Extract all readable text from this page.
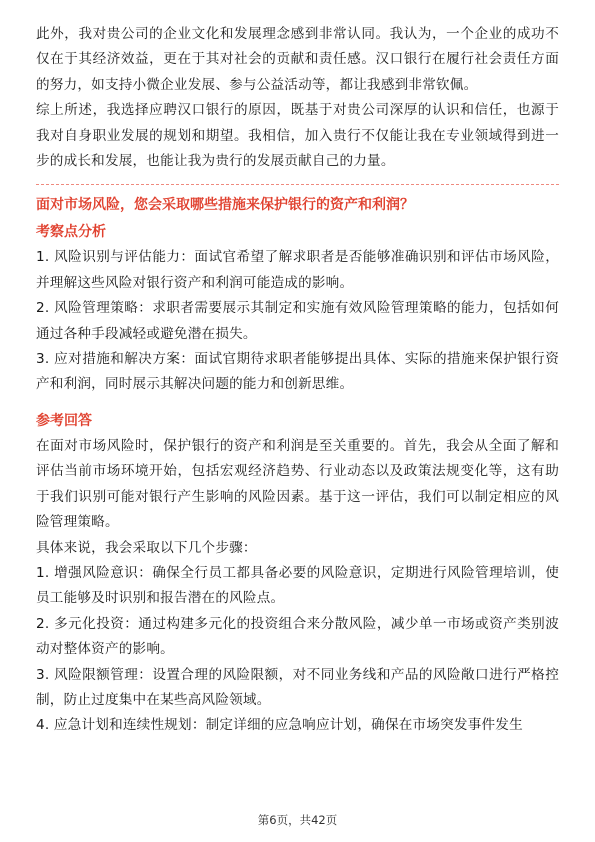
此外，我对贵公司的企业文化和发展理念感到非常认同。我认为，一个企业的成功不仅在于其经济效益，更在于其对社会的贡献和责任感。汉口银行在履行社会责任方面的努力，如支持小微企业发展、参与公益活动等，都让我感到非常钦佩。

综上所述，我选择应聘汉口银行的原因，既基于对贵公司深厚的认识和信任，也源于我对自身职业发展的规划和期望。我相信，加入贵行不仅能让我在专业领域得到进一步的成长和发展，也能让我为贵行的发展贡献自己的力量。

面对市场风险，您会采取哪些措施来保护银行的资产和利润？
考察点分析

1. 风险识别与评估能力：面试官希望了解求职者是否能够准确识别和评估市场风险，并理解这些风险对银行资产和利润可能造成的影响。

2. 风险管理策略：求职者需要展示其制定和实施有效风险管理策略的能力，包括如何通过各种手段减轻或避免潜在损失。

3. 应对措施和解决方案：面试官期待求职者能够提出具体、实际的措施来保护银行资产和利润，同时展示其解决问题的能力和创新思维。

参考回答

在面对市场风险时，保护银行的资产和利润是至关重要的。首先，我会从全面了解和评估当前市场环境开始，包括宏观经济趋势、行业动态以及政策法规变化等，这有助于我们识别可能对银行产生影响的风险因素。基于这一评估，我们可以制定相应的风险管理策略。

具体来说，我会采取以下几个步骤：

1. 增强风险意识：确保全行员工都具备必要的风险意识，定期进行风险管理培训，使员工能够及时识别和报告潜在的风险点。

2. 多元化投资：通过构建多元化的投资组合来分散风险，减少单一市场或资产类别波动对整体资产的影响。

3. 风险限额管理：设置合理的风险限额，对不同业务线和产品的风险敞口进行严格控制，防止过度集中在某些高风险领域。

4. 应急计划和连续性规划：制定详细的应急响应计划，确保在市场突发事件发生

第6页，共42页
